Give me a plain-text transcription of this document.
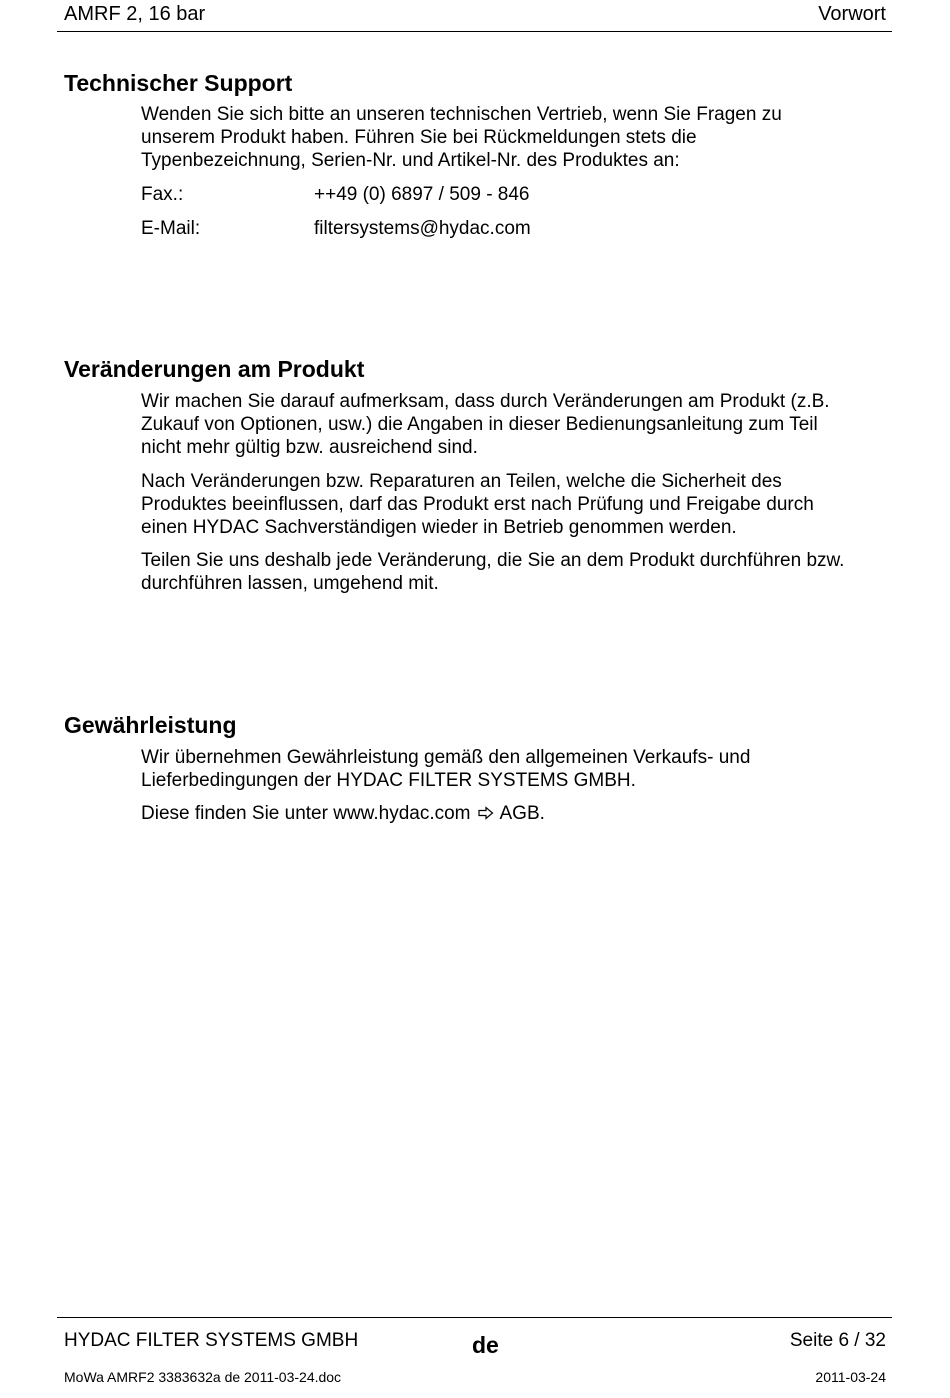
AMRF 2, 16 bar	Vorwort
Technischer Support

Wenden Sie sich bitte an unseren technischen Vertrieb, wenn Sie Fragen zu
unserem Produkt haben. Führen Sie bei Rückmeldungen stets die
Typenbezeichnung, Serien-Nr. und Artikel-Nr. des Produktes an:

Fax.:	++49 (0) 6897 / 509 - 846
E-Mail:	filtersystems@hydac.com
Veränderungen am Produkt

Wir machen Sie darauf aufmerksam, dass durch Veränderungen am Produkt (z.B.
Zukauf von Optionen, usw.) die Angaben in dieser Bedienungsanleitung zum Teil
nicht mehr gültig bzw. ausreichend sind.

Nach Veränderungen bzw. Reparaturen an Teilen, welche die Sicherheit des
Produktes beeinflussen, darf das Produkt erst nach Prüfung und Freigabe durch
einen HYDAC Sachverständigen wieder in Betrieb genommen werden.

Teilen Sie uns deshalb jede Veränderung, die Sie an dem Produkt durchführen bzw.
durchführen lassen, umgehend mit.

Gewährleistung

Wir übernehmen Gewährleistung gemäß den allgemeinen Verkaufs- und
Lieferbedingungen der HYDAC FILTER SYSTEMS GMBH.

Diese finden Sie unter www.hydac.com AGB.

HYDAC FILTER SYSTEMS GMBH	de	Seite 6 / 32
MoWa AMRF2 3383632a de 2011-03-24.doc	2011-03-24
